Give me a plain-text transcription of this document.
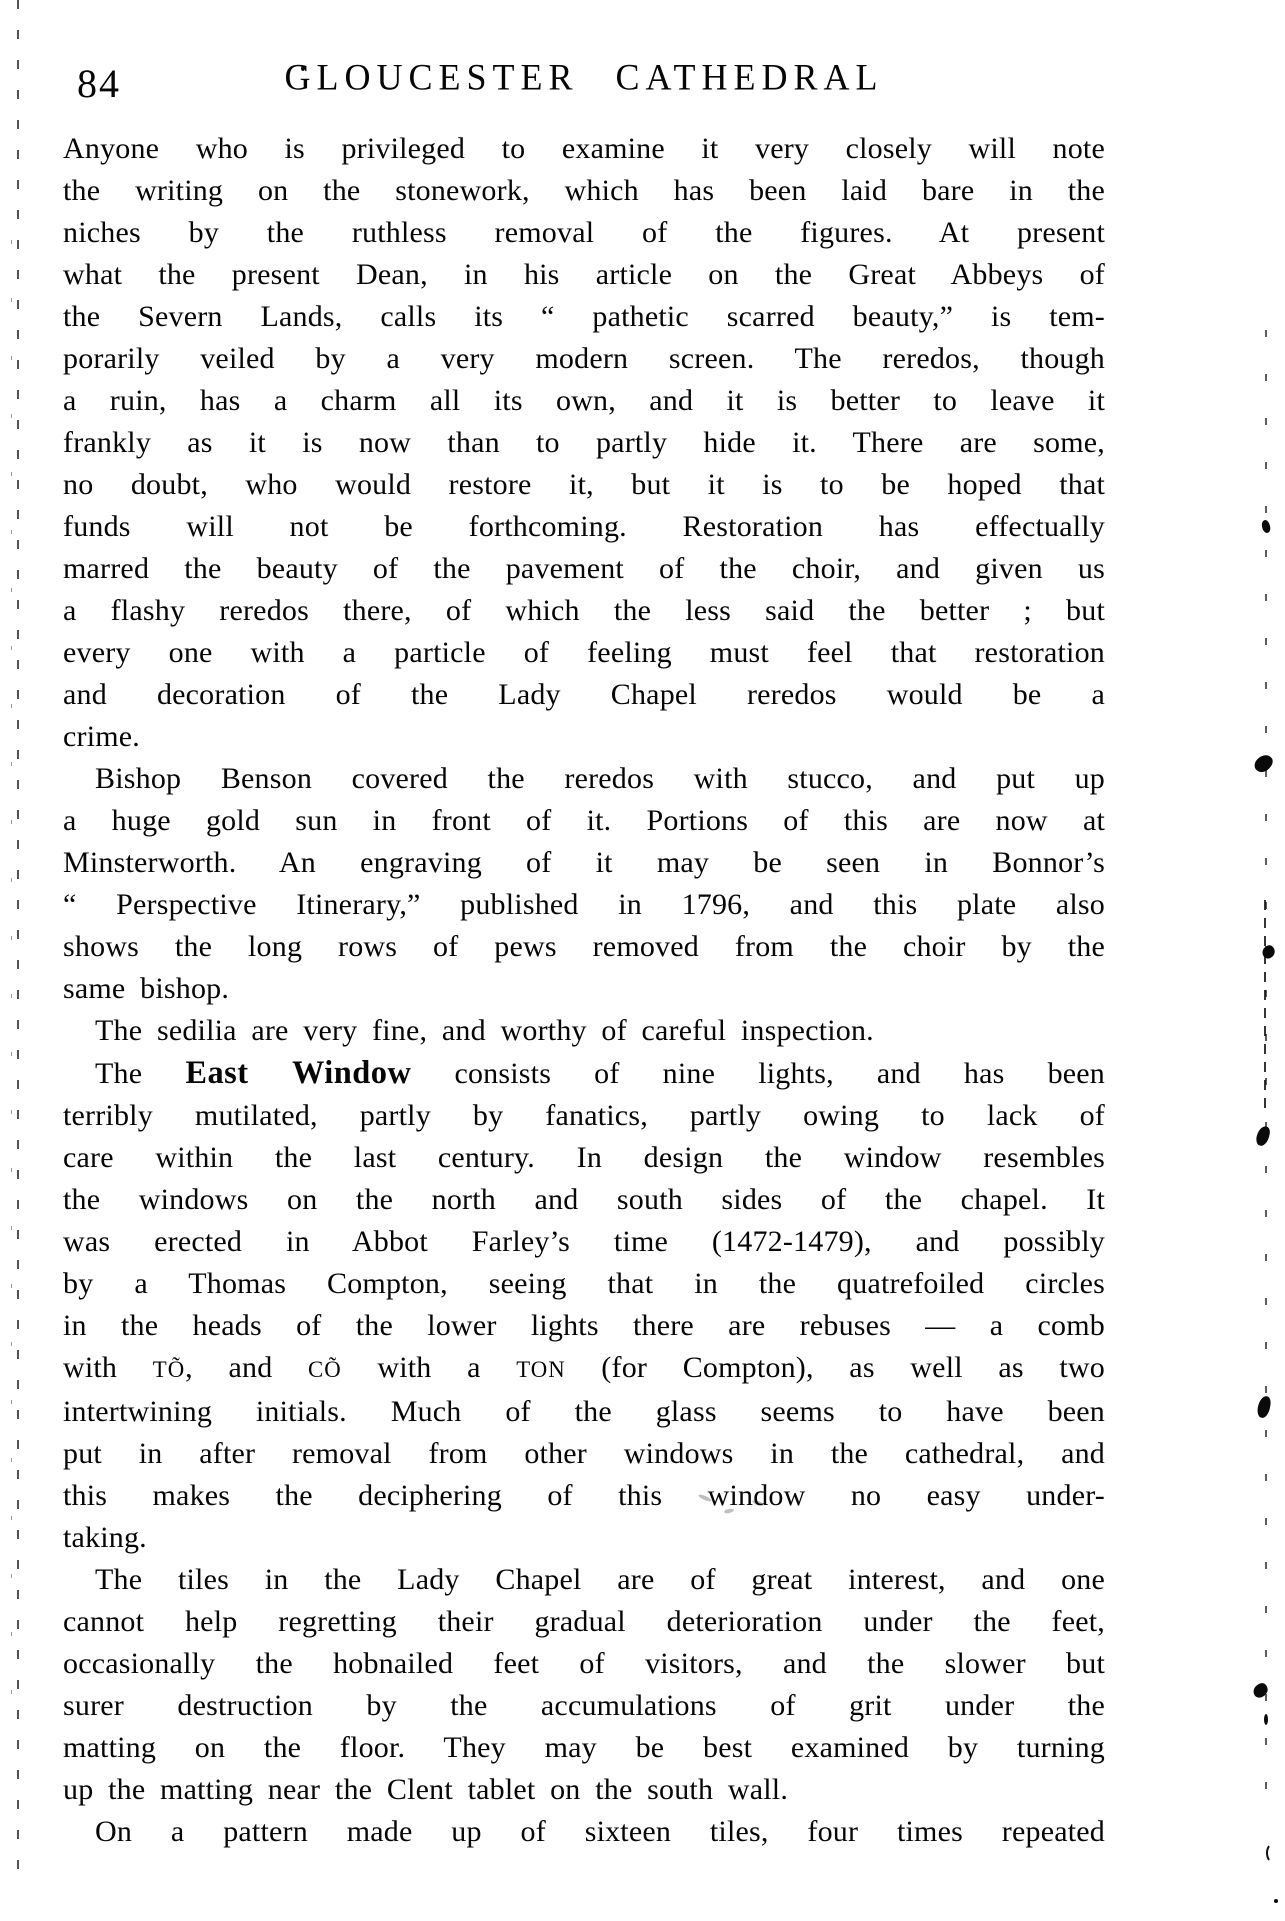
84	GLOUCESTER CATHEDRAL
Anyone who is privileged to examine it very closely will note
the writing on the stonework, which has been laid bare in the
niches by the ruthless removal of the figures. At present
what the present Dean, in his article on the Great Abbeys of
the Severn Lands, calls its “ pathetic scarred beauty,” is tem-
porarily veiled by a very modern screen. The reredos, though
a ruin, has a charm all its own, and it is better to leave it
frankly as it is now than to partly hide it. There are some,
no doubt, who would restore it, but it is to be hoped that
funds will not be forthcoming. Restoration has effectually
marred the beauty of the pavement of the choir, and given us
a flashy reredos there, of which the less said the better ; but
every one with a particle of feeling must feel that restoration
and decoration of the Lady Chapel reredos would be a
crime.
Bishop Benson covered the reredos with stucco, and put up
a huge gold sun in front of it. Portions of this are now at
Minsterworth. An engraving of it may be seen in Bonnor’s
“ Perspective Itinerary,” published in 1796, and this plate also
shows the long rows of pews removed from the choir by the
same bishop.
The sedilia are very fine, and worthy of careful inspection.
The East Window consists of nine lights, and has been
terribly mutilated, partly by fanatics, partly owing to lack of
care within the last century. In design the window resembles
the windows on the north and south sides of the chapel. It
was erected in Abbot Farley’s time (1472-1479), and possibly
by a Thomas Compton, seeing that in the quatrefoiled circles
in the heads of the lower lights there are rebuses — a comb
with TÕ, and CÕ with a TON (for Compton), as well as two
intertwining initials. Much of the glass seems to have been
put in after removal from other windows in the cathedral, and
this makes the deciphering of this window no easy under-
taking.
The tiles in the Lady Chapel are of great interest, and one
cannot help regretting their gradual deterioration under the feet,
occasionally the hobnailed feet of visitors, and the slower but
surer destruction by the accumulations of grit under the
matting on the floor. They may be best examined by turning
up the matting near the Clent tablet on the south wall.
On a pattern made up of sixteen tiles, four times repeated
